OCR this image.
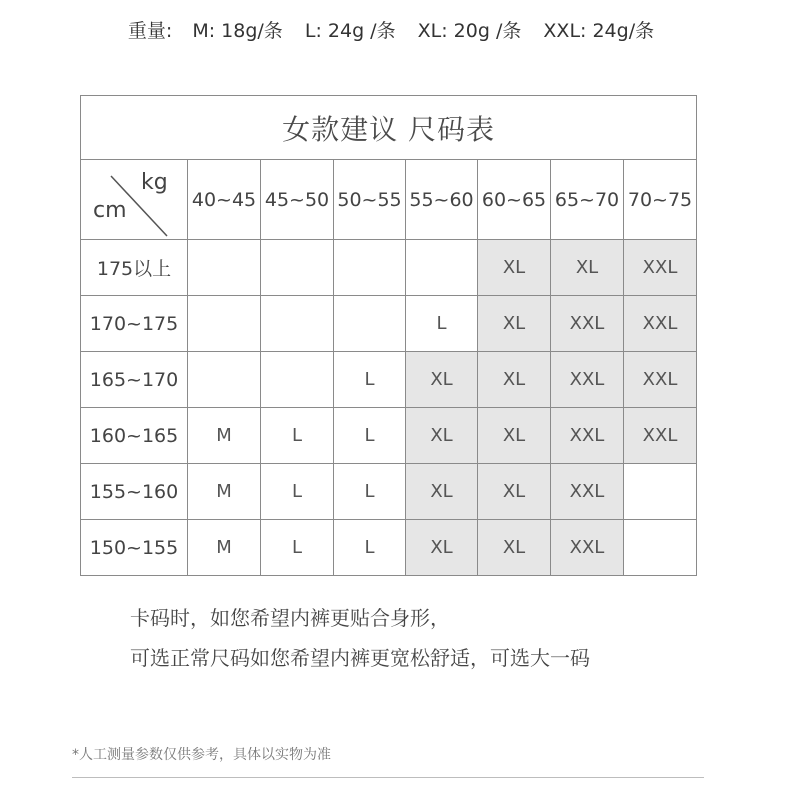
重量: M: 18g/条 L: 24g /条 XL: 20g /条 XXL: 24g/条
女款建议 尺码表							

kg
cm	40~45	45~50	50~55	55~60	60~65	65~70	70~75
175以上					XL	XL	XXL
170~175				L	XL	XXL	XXL
165~170			L	XL	XL	XXL	XXL
160~165	M	L	L	XL	XL	XXL	XXL
155~160	M	L	L	XL	XL	XXL	
150~155	M	L	L	XL	XL	XXL	
卡码时，如您希望内裤更贴合身形，
可选正常尺码如您希望内裤更宽松舒适，可选大一码
*人工测量参数仅供参考，具体以实物为准
